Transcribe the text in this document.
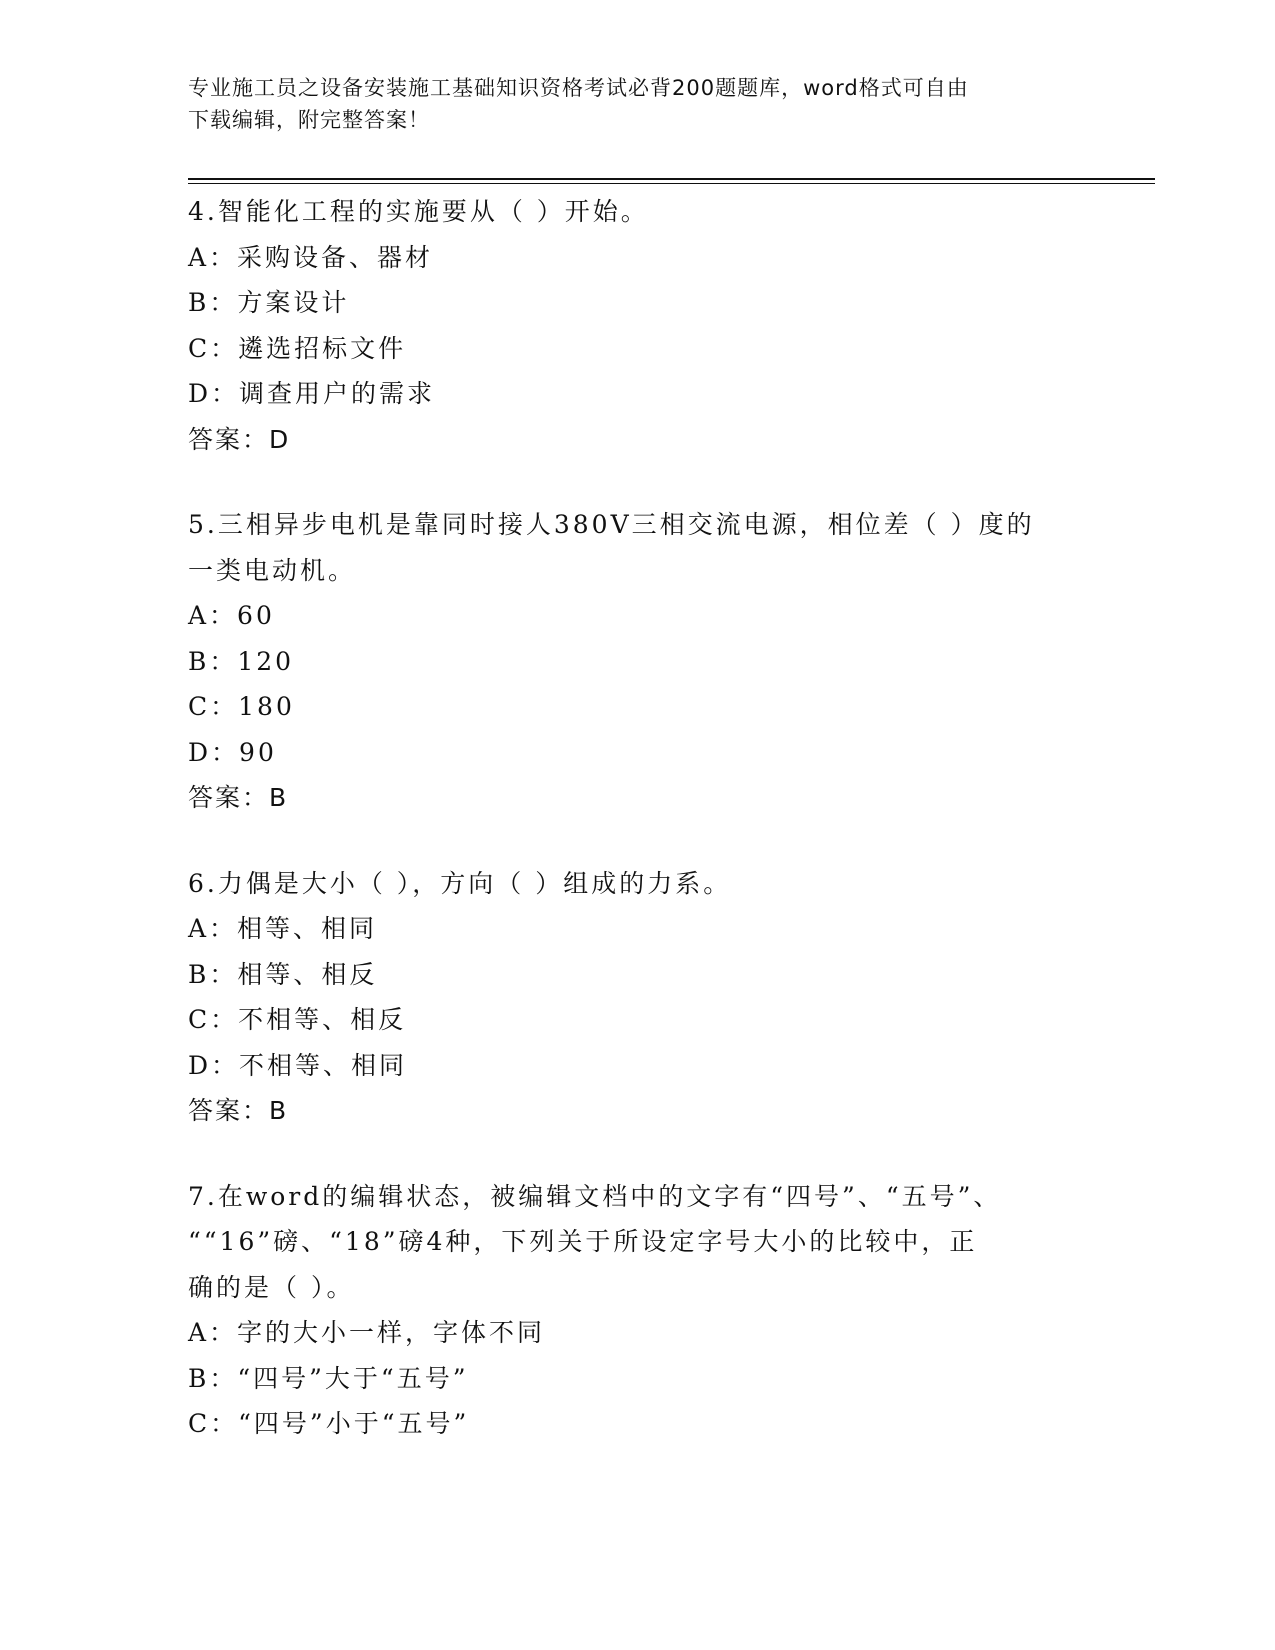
专业施工员之设备安装施工基础知识资格考试必背200题题库，word格式可自由
下载编辑，附完整答案！
4.智能化工程的实施要从（ ）开始。
A：采购设备、器材
B：方案设计
C：遴选招标文件
D：调查用户的需求
答案：D
5.三相异步电机是靠同时接人380V三相交流电源，相位差（ ）度的
一类电动机。
A：60
B：120
C：180
D：90
答案：B
6.力偶是大小（ ），方向（ ）组成的力系。
A：相等、相同
B：相等、相反
C：不相等、相反
D：不相等、相同
答案：B
7.在word的编辑状态，被编辑文档中的文字有“四号”、“五号”、
““16”磅、“18”磅4种，下列关于所设定字号大小的比较中，正
确的是（ ）。
A：字的大小一样，字体不同
B：“四号”大于“五号”
C：“四号”小于“五号”
